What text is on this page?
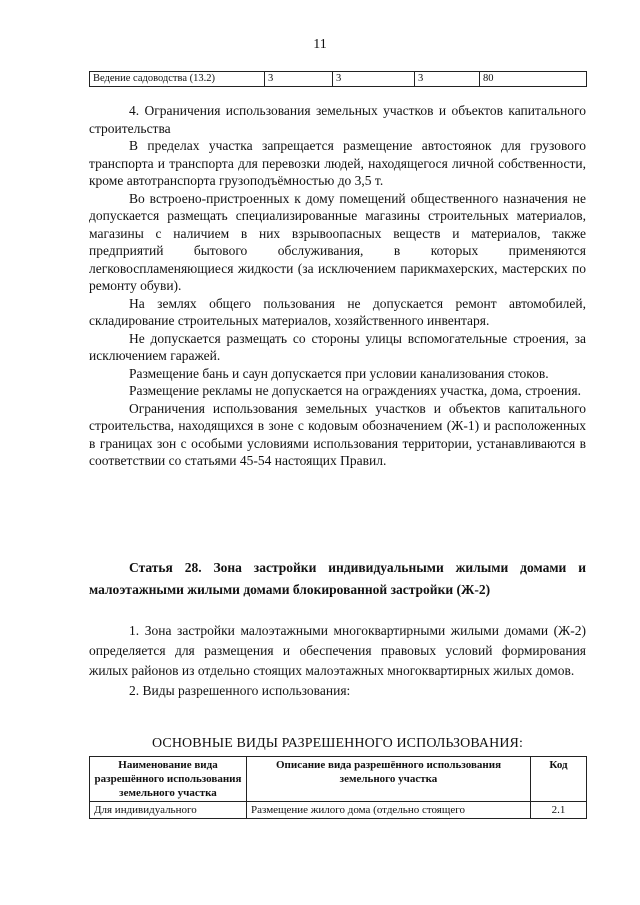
11
Ведение садоводства (13.2)	3	3	3	80

4. Ограничения использования земельных участков и объектов капитального строительства

В пределах участка запрещается размещение автостоянок для грузового транспорта и транспорта для перевозки людей, находящегося личной собственности, кроме автотранспорта грузоподъёмностью до 3,5 т.

Во встроено-пристроенных к дому помещений общественного назначения не допускается размещать специализированные магазины строительных материалов, магазины с наличием в них взрывоопасных веществ и материалов, также предприятий бытового обслуживания, в которых применяются легковоспламеняющиеся жидкости (за исключением парикмахерских, мастерских по ремонту обуви).

На землях общего пользования не допускается ремонт автомобилей, складирование строительных материалов, хозяйственного инвентаря.

Не допускается размещать со стороны улицы вспомогательные строения, за исключением гаражей.

Размещение бань и саун допускается при условии канализования стоков.

Размещение рекламы не допускается на ограждениях участка, дома, строения.

Ограничения использования земельных участков и объектов капитального строительства, находящихся в зоне с кодовым обозначением (Ж-1) и расположенных в границах зон с особыми условиями использования территории, устанавливаются в соответствии со статьями 45-54 настоящих Правил.

Статья 28. Зона застройки индивидуальными жилыми домами и малоэтажными жилыми домами блокированной застройки (Ж-2)

1. Зона застройки малоэтажными многоквартирными жилыми домами (Ж-2) определяется для размещения и обеспечения правовых условий формирования жилых районов из отдельно стоящих малоэтажных многоквартирных жилых домов.

2. Виды разрешенного использования:

ОСНОВНЫЕ ВИДЫ РАЗРЕШЕННОГО ИСПОЛЬЗОВАНИЯ:
Наименование вида разрешённого использования земельного участка	Описание вида разрешённого использования земельного участка	Код
Для индивидуального	Размещение жилого дома (отдельно стоящего	2.1
